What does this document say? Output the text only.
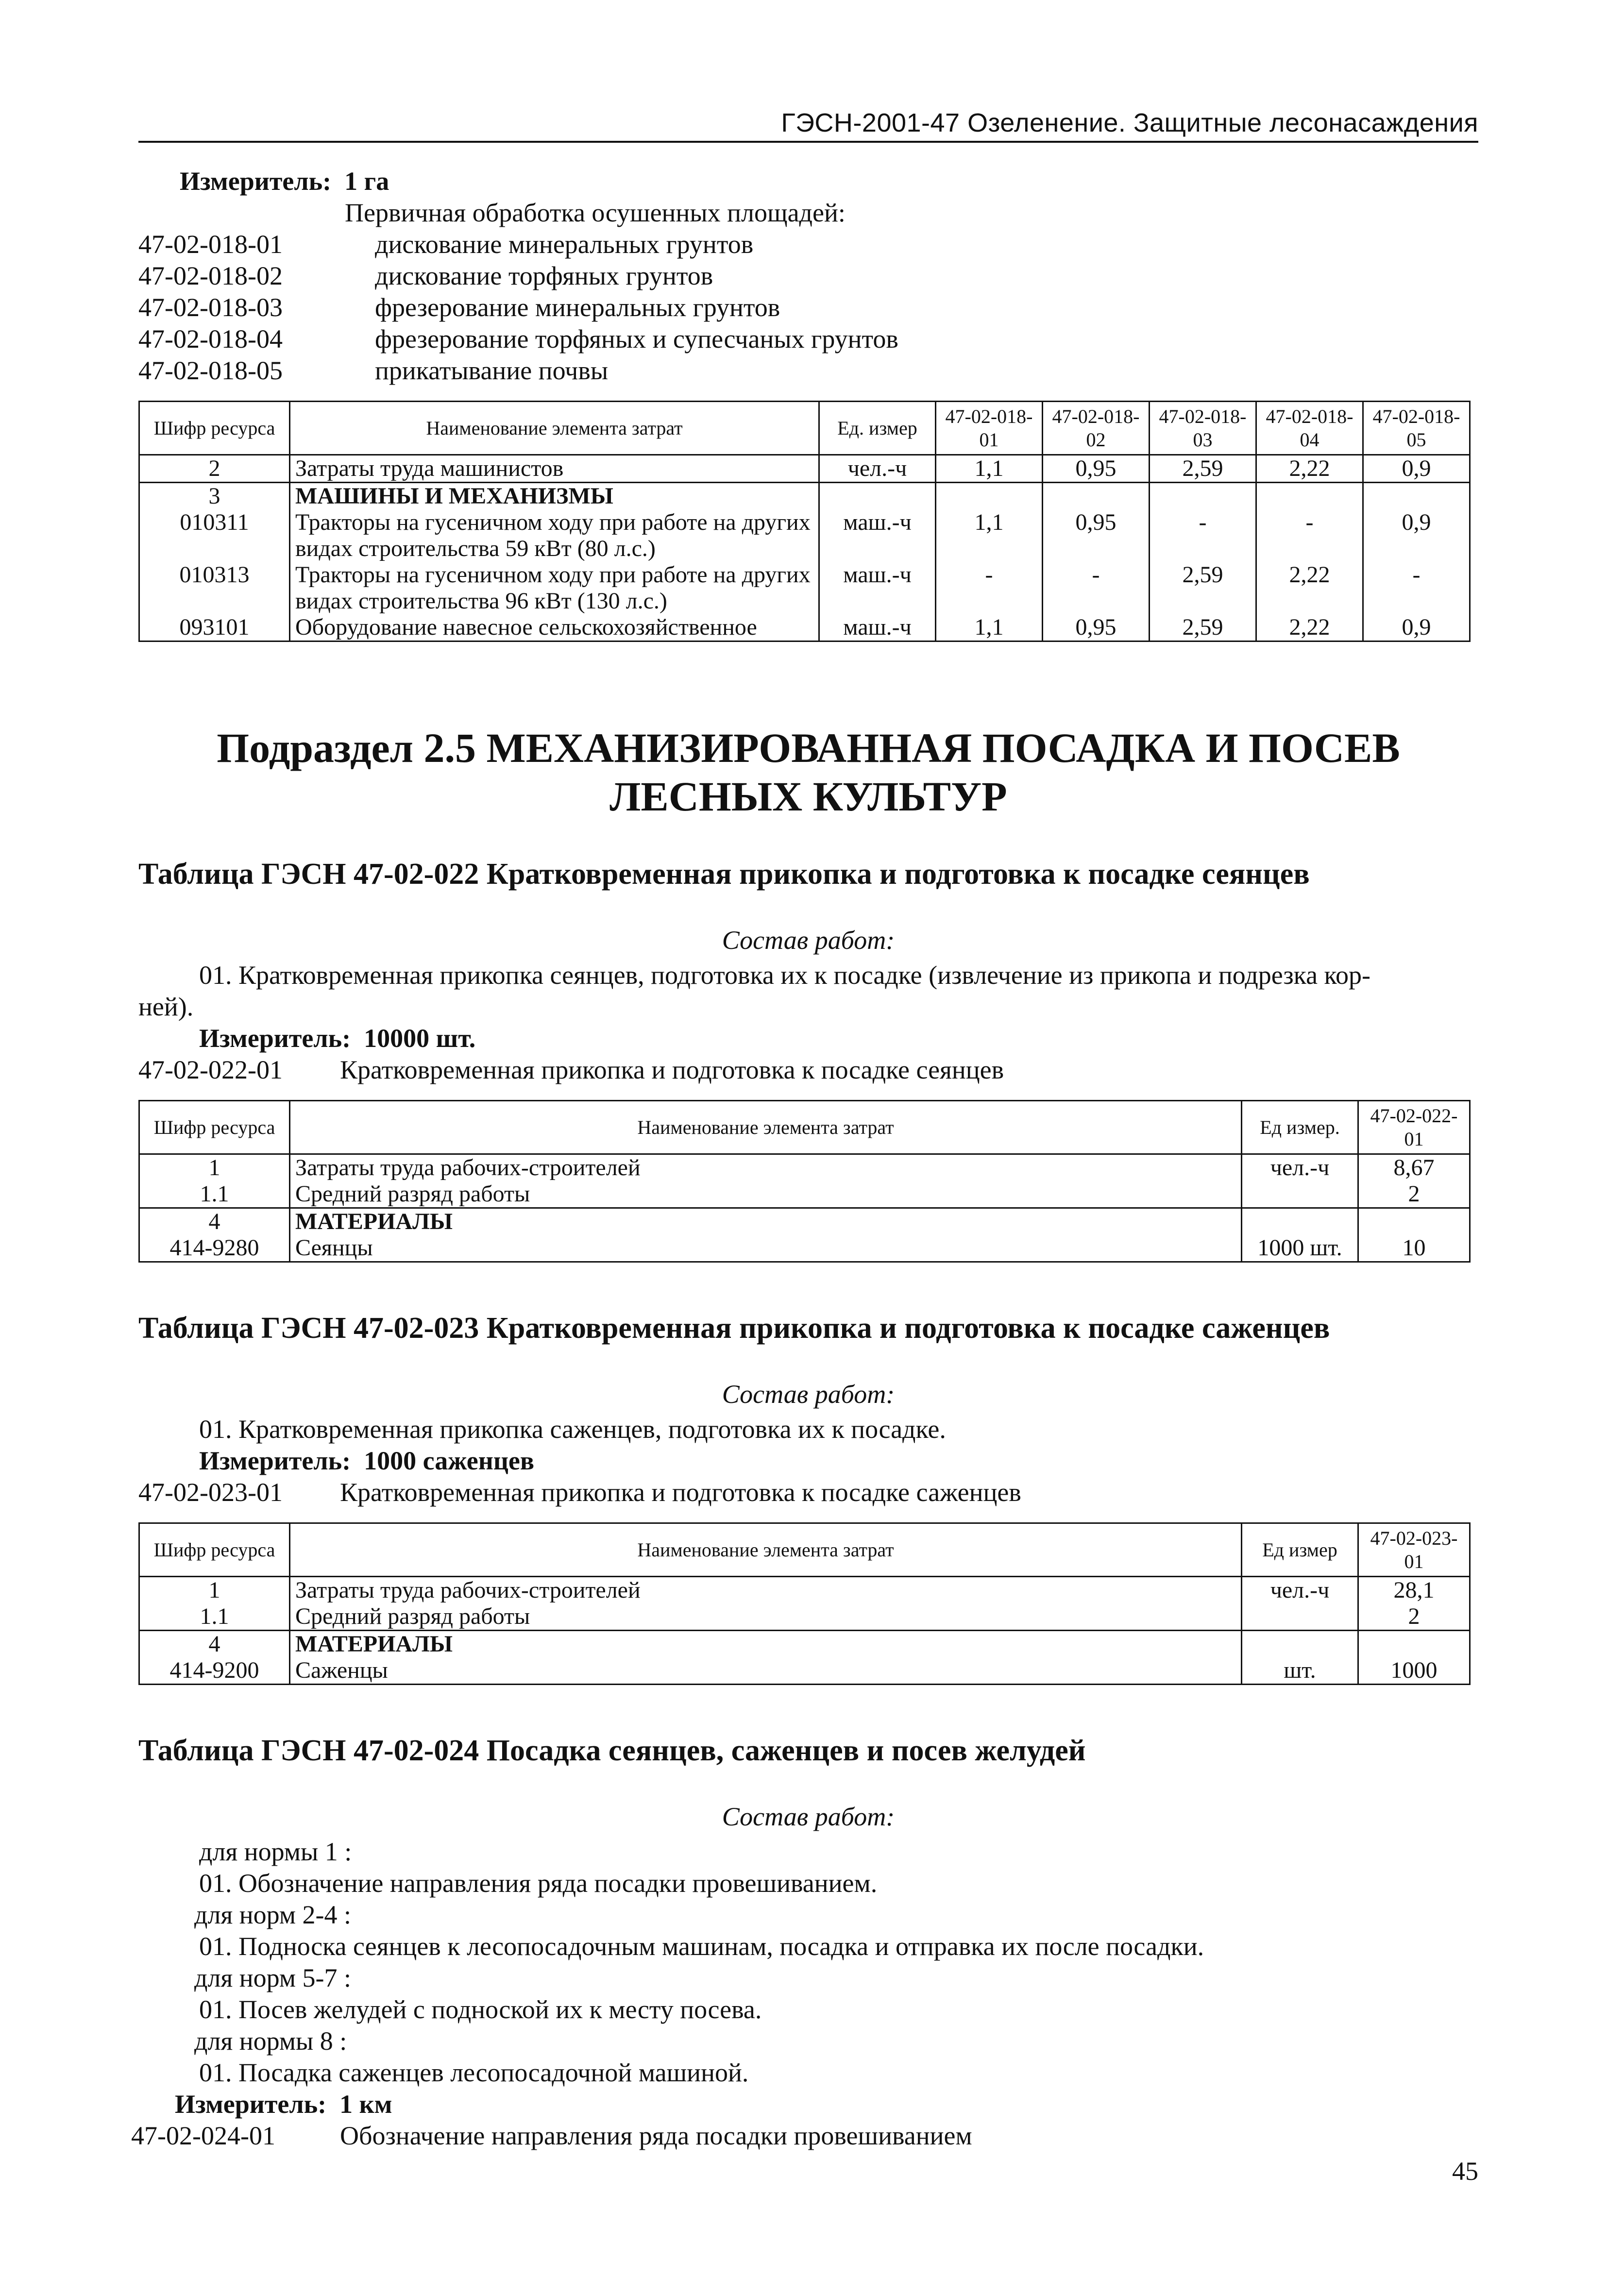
ГЭСН-2001-47 Озеленение. Защитные лесонасаждения
Измеритель: 1 га
Первичная обработка осушенных площадей:
47-02-018-01	дискование минеральных грунтов
47-02-018-02	дискование торфяных грунтов
47-02-018-03	фрезерование минеральных грунтов
47-02-018-04	фрезерование торфяных и супесчаных грунтов
47-02-018-05	прикатывание почвы
Шифр ресурса	Наименование элемента затрат	Ед. измер	47-02-018-01	47-02-018-02	47-02-018-03	47-02-018-04	47-02-018-05
2	Затраты труда машинистов	чел.-ч	1,1	0,95	2,59	2,22	0,9
3	МАШИНЫ И МЕХАНИЗМЫ						
010311	Тракторы на гусеничном ходу при работе на других видах строительства 59 кВт (80 л.с.)	маш.-ч	1,1	0,95	-	-	0,9
010313	Тракторы на гусеничном ходу при работе на других видах строительства 96 кВт (130 л.с.)	маш.-ч	-	-	2,59	2,22	-
093101	Оборудование навесное сельскохозяйственное	маш.-ч	1,1	0,95	2,59	2,22	0,9
Подраздел 2.5 МЕХАНИЗИРОВАННАЯ ПОСАДКА И ПОСЕВ ЛЕСНЫХ КУЛЬТУР
Таблица ГЭСН 47-02-022 Кратковременная прикопка и подготовка к посадке сеянцев
Состав работ:
01. Кратковременная прикопка сеянцев, подготовка их к посадке (извлечение из прикопа и подрезка кор-
ней).
Измеритель: 10000 шт.
47-02-022-01 Кратковременная прикопка и подготовка к посадке сеянцев
Шифр ресурса	Наименование элемента затрат	Ед измер.	47-02-022-01
1	Затраты труда рабочих-строителей	чел.-ч	8,67
1.1	Средний разряд работы		2
4	МАТЕРИАЛЫ		
414-9280	Сеянцы	1000 шт.	10
Таблица ГЭСН 47-02-023 Кратковременная прикопка и подготовка к посадке саженцев
Состав работ:
01. Кратковременная прикопка саженцев, подготовка их к посадке.
Измеритель: 1000 саженцев
47-02-023-01 Кратковременная прикопка и подготовка к посадке саженцев
Шифр ресурса	Наименование элемента затрат	Ед измер	47-02-023-01
1	Затраты труда рабочих-строителей	чел.-ч	28,1
1.1	Средний разряд работы		2
4	МАТЕРИАЛЫ		
414-9200	Саженцы	шт.	1000
Таблица ГЭСН 47-02-024 Посадка сеянцев, саженцев и посев желудей
Состав работ:
для нормы 1 :
01. Обозначение направления ряда посадки провешиванием.
для норм 2-4 :
01. Подноска сеянцев к лесопосадочным машинам, посадка и отправка их после посадки.
для норм 5-7 :
01. Посев желудей с подноской их к месту посева.
для нормы 8 :
01. Посадка саженцев лесопосадочной машиной.
Измеритель: 1 км
47-02-024-01 Обозначение направления ряда посадки провешиванием
45
